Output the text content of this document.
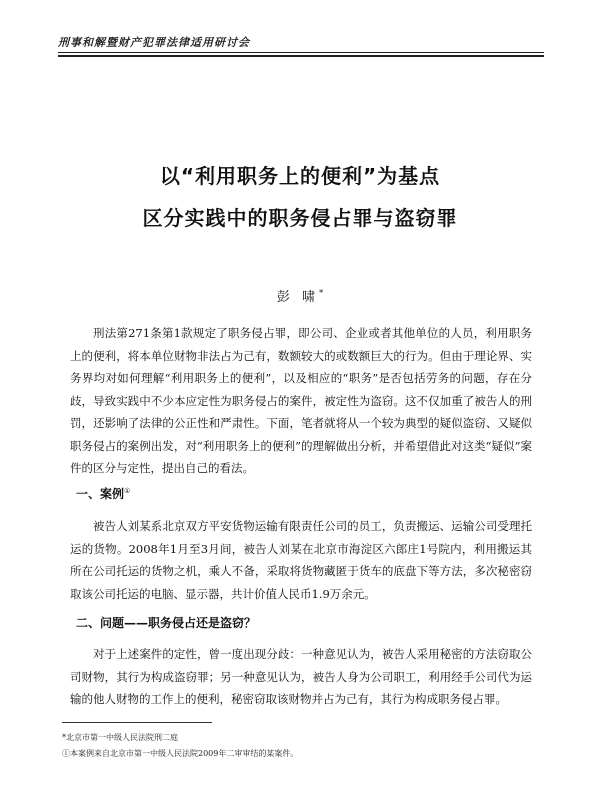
刑事和解暨财产犯罪法律适用研讨会
以“利用职务上的便利”为基点
区分实践中的职务侵占罪与盗窃罪
彭 啸*

刑法第271条第1款规定了职务侵占罪，即公司、企业或者其他单位的人员，利用职务上的便利，将本单位财物非法占为己有，数额较大的或数额巨大的行为。但由于理论界、实务界均对如何理解“利用职务上的便利”，以及相应的“职务”是否包括劳务的问题，存在分歧，导致实践中不少本应定性为职务侵占的案件，被定性为盗窃。这不仅加重了被告人的刑罚，还影响了法律的公正性和严肃性。下面，笔者就将从一个较为典型的疑似盗窃、又疑似职务侵占的案例出发，对“利用职务上的便利”的理解做出分析，并希望借此对这类“疑似”案件的区分与定性，提出自己的看法。

一、案例①

被告人刘某系北京双方平安货物运输有限责任公司的员工，负责搬运、运输公司受理托运的货物。2008年1月至3月间，被告人刘某在北京市海淀区六郎庄1号院内，利用搬运其所在公司托运的货物之机，乘人不备，采取将货物藏匿于货车的底盘下等方法，多次秘密窃取该公司托运的电脑、显示器，共计价值人民币1.9万余元。

二、问题——职务侵占还是盗窃？

对于上述案件的定性，曾一度出现分歧：一种意见认为，被告人采用秘密的方法窃取公司财物，其行为构成盗窃罪；另一种意见认为，被告人身为公司职工，利用经手公司代为运输的他人财物的工作上的便利，秘密窃取该财物并占为己有，其行为构成职务侵占罪。

*北京市第一中级人民法院刑二庭
①本案例来自北京市第一中级人民法院2009年二审审结的某案件。
